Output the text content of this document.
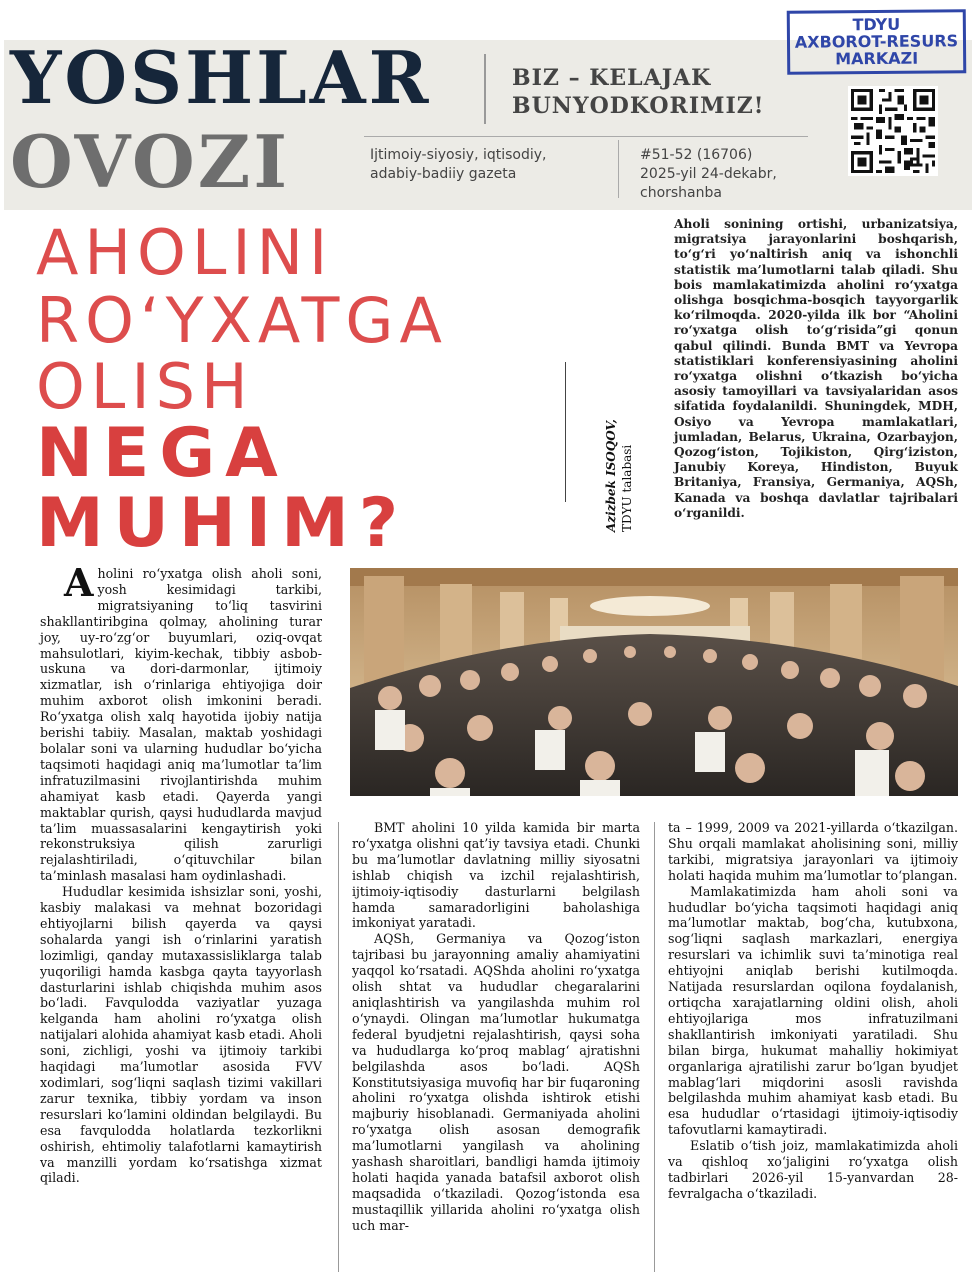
YOSHLAR
OVOZI
BIZ – KELAJAK BUNYODKORIMIZ!
Ijtimoiy-siyosiy, iqtisodiy, adabiy-badiiy gazeta
#51-52 (16706)
2025-yil 24-dekabr,
chorshanba
TDYU
AXBOROT-RESURS
MARKAZI
AHOLINI
RO‘YXATGA
OLISH
NEGA
MUHIM?	Azizbek ISOQOV, TDYU talabasi
Aholi sonining ortishi, urbanizatsiya, migratsiya jarayonlarini boshqarish, to‘g‘ri yo‘naltirish aniq va ishonchli statistik ma’lumotlarni talab qiladi. Shu bois mamlakatimizda aholini ro‘yxatga olishga bosqichma-bosqich tayyorgarlik ko‘rilmoqda. 2020-yilda ilk bor “Aholini ro‘yxatga olish to‘g‘risida”gi qonun qabul qilindi. Bunda BMT va Yevropa statistiklari konferensiyasining aholini ro‘yxatga olishni o‘tkazish bo‘yicha asosiy tamoyillari va tavsiyalaridan asos sifatida foydalanildi. Shuningdek, MDH, Osiyo va Yevropa mamlakatlari, jumladan, Belarus, Ukraina, Ozarbayjon, Qozog‘iston, Tojikiston, Qirg‘iziston, Janubiy Koreya, Hindiston, Buyuk Britaniya, Fransiya, Germaniya, AQSh, Kanada va boshqa davlatlar tajribalari o‘rganildi.

Aholini ro‘yxatga olish aholi soni, yosh kesimidagi tarkibi, migratsiyaning to‘liq tasvirini shakllantiribgina qolmay, aholining turar joy, uy-ro‘zg‘or buyumlari, oziq-ovqat mahsulotlari, kiyim-kechak, tibbiy asbob-uskuna va dori-darmonlar, ijtimoiy xizmatlar, ish o‘rinlariga ehtiyojiga doir muhim axborot olish imkonini beradi. Ro‘yxatga olish xalq hayotida ijobiy natija berishi tabiiy. Masalan, maktab yoshidagi bolalar soni va ularning hududlar bo‘yicha taqsimoti haqidagi aniq ma’lumotlar ta’lim infratuzilmasini rivojlantirishda muhim ahamiyat kasb etadi. Qayerda yangi maktablar qurish, qaysi hududlarda mavjud ta’lim muassasalarini kengaytirish yoki rekonstruksiya qilish zarurligi rejalashtiriladi, o‘qituvchilar bilan ta’minlash masalasi ham oydinlashadi.

Hududlar kesimida ishsizlar soni, yoshi, kasbiy malakasi va mehnat bozoridagi ehtiyojlarni bilish qayerda va qaysi sohalarda yangi ish o‘rinlarini yaratish lozimligi, qanday mutaxassisliklarga talab yuqoriligi hamda kasbga qayta tayyorlash dasturlarini ishlab chiqishda muhim asos bo‘ladi. Favqulodda vaziyatlar yuzaga kelganda ham aholini ro‘yxatga olish natijalari alohida ahamiyat kasb etadi. Aholi soni, zichligi, yoshi va ijtimoiy tarkibi haqidagi ma’lumotlar asosida FVV xodimlari, sog‘liqni saqlash tizimi vakillari zarur texnika, tibbiy yordam va inson resurslari ko‘lamini oldindan belgilaydi. Bu esa favqulodda holatlarda tezkorlikni oshirish, ehtimoliy talafotlarni kamaytirish va manzilli yordam ko‘rsatishga xizmat qiladi.

BMT aholini 10 yilda kamida bir marta ro‘yxatga olishni qat’iy tavsiya etadi. Chunki bu ma’lumotlar davlatning milliy siyosatni ishlab chiqish va izchil rejalashtirish, ijtimoiy-iqtisodiy dasturlarni belgilash hamda samaradorligini baholashiga imkoniyat yaratadi.

AQSh, Germaniya va Qozog‘iston tajribasi bu jarayonning amaliy ahamiyatini yaqqol ko‘rsatadi. AQShda aholini ro‘yxatga olish shtat va hududlar chegaralarini aniqlashtirish va yangilashda muhim rol o‘ynaydi. Olingan ma’lumotlar hukumatga federal byudjetni rejalashtirish, qaysi soha va hududlarga ko‘proq mablag‘ ajratishni belgilashda asos bo‘ladi. AQSh Konstitutsiyasiga muvofiq har bir fuqaroning aholini ro‘yxatga olishda ishtirok etishi majburiy hisoblanadi. Germaniyada aholini ro‘yxatga olish asosan demografik ma’lumotlarni yangilash va aholining yashash sharoitlari, bandligi hamda ijtimoiy holati haqida yanada batafsil axborot olish maqsadida o‘tkaziladi. Qozog‘istonda esa mustaqillik yillarida aholini ro‘yxatga olish uch mar-

ta – 1999, 2009 va 2021-yillarda o‘tkazilgan. Shu orqali mamlakat aholisining soni, milliy tarkibi, migratsiya jarayonlari va ijtimoiy holati haqida muhim ma’lumotlar to‘plangan.

Mamlakatimizda ham aholi soni va hududlar bo‘yicha taqsimoti haqidagi aniq ma’lumotlar maktab, bog‘cha, kutubxona, sog‘liqni saqlash markazlari, energiya resurslari va ichimlik suvi ta’minotiga real ehtiyojni aniqlab berishi kutilmoqda. Natijada resurslardan oqilona foydalanish, ortiqcha xarajatlarning oldini olish, aholi ehtiyojlariga mos infratuzilmani shakllantirish imkoniyati yaratiladi. Shu bilan birga, hukumat mahalliy hokimiyat organlariga ajratilishi zarur bo‘lgan byudjet mablag‘lari miqdorini asosli ravishda belgilashda muhim ahamiyat kasb etadi. Bu esa hududlar o‘rtasidagi ijtimoiy-iqtisodiy tafovutlarni kamaytiradi.

Eslatib o‘tish joiz, mamlakatimizda aholi va qishloq xo‘jaligini ro‘yxatga olish tadbirlari 2026-yil 15-yanvardan 28-fevralgacha o‘tkaziladi.
